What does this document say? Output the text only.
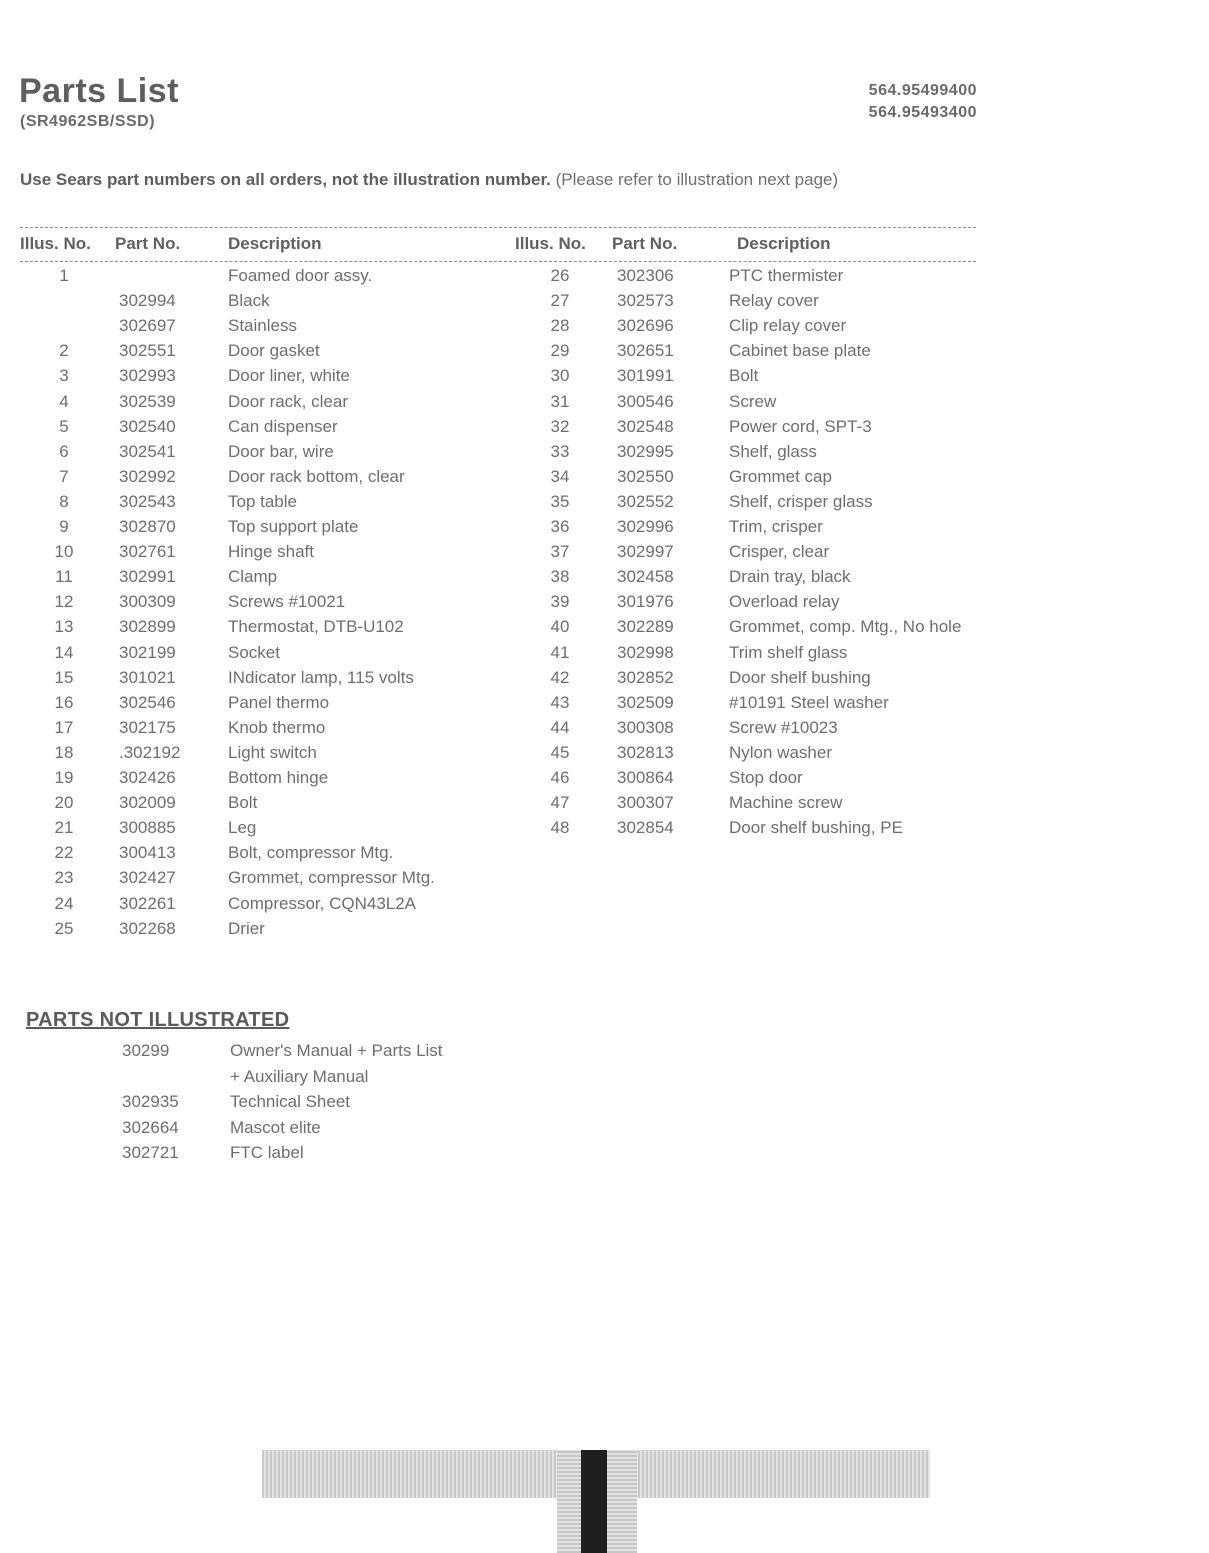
Parts List
(SR4962SB/SSD)
564.95499400
564.95493400
Use Sears part numbers on all orders, not the illustration number. (Please refer to illustration next page)
Illus. No. Part No.	Description	Illus. No. Part No.	Description
1	Foamed door assy.
302994	Black
302697	Stainless
2	302551	Door gasket
3	302993	Door liner, white
4	302539	Door rack, clear
5	302540	Can dispenser
6	302541	Door bar, wire
7	302992	Door rack bottom, clear
8	302543	Top table
9	302870	Top support plate
10	302761	Hinge shaft
11	302991	Clamp
12	300309	Screws #10021
13	302899	Thermostat, DTB-U102
14	302199	Socket
15	301021	INdicator lamp, 115 volts
16	302546	Panel thermo
17	302175	Knob thermo
18	.302192	Light switch
19	302426	Bottom hinge
20	302009	Bolt
21	300885	Leg
22	300413	Bolt, compressor Mtg.
23	302427	Grommet, compressor Mtg.
24	302261	Compressor, CQN43L2A
25	302268	Drier
26	302306	PTC thermister
27	302573	Relay cover
28	302696	Clip relay cover
29	302651	Cabinet base plate
30	301991	Bolt
31	300546	Screw
32	302548	Power cord, SPT-3
33	302995	Shelf, glass
34	302550	Grommet cap
35	302552	Shelf, crisper glass
36	302996	Trim, crisper
37	302997	Crisper, clear
38	302458	Drain tray, black
39	301976	Overload relay
40	302289	Grommet, comp. Mtg., No hole
41	302998	Trim shelf glass
42	302852	Door shelf bushing
43	302509	#10191 Steel washer
44	300308	Screw #10023
45	302813	Nylon washer
46	300864	Stop door
47	300307	Machine screw
48	302854	Door shelf bushing, PE
PARTS NOT ILLUSTRATED
30299	Owner's Manual + Parts List
+ Auxiliary Manual
302935	Technical Sheet
302664	Mascot elite
302721	FTC label
